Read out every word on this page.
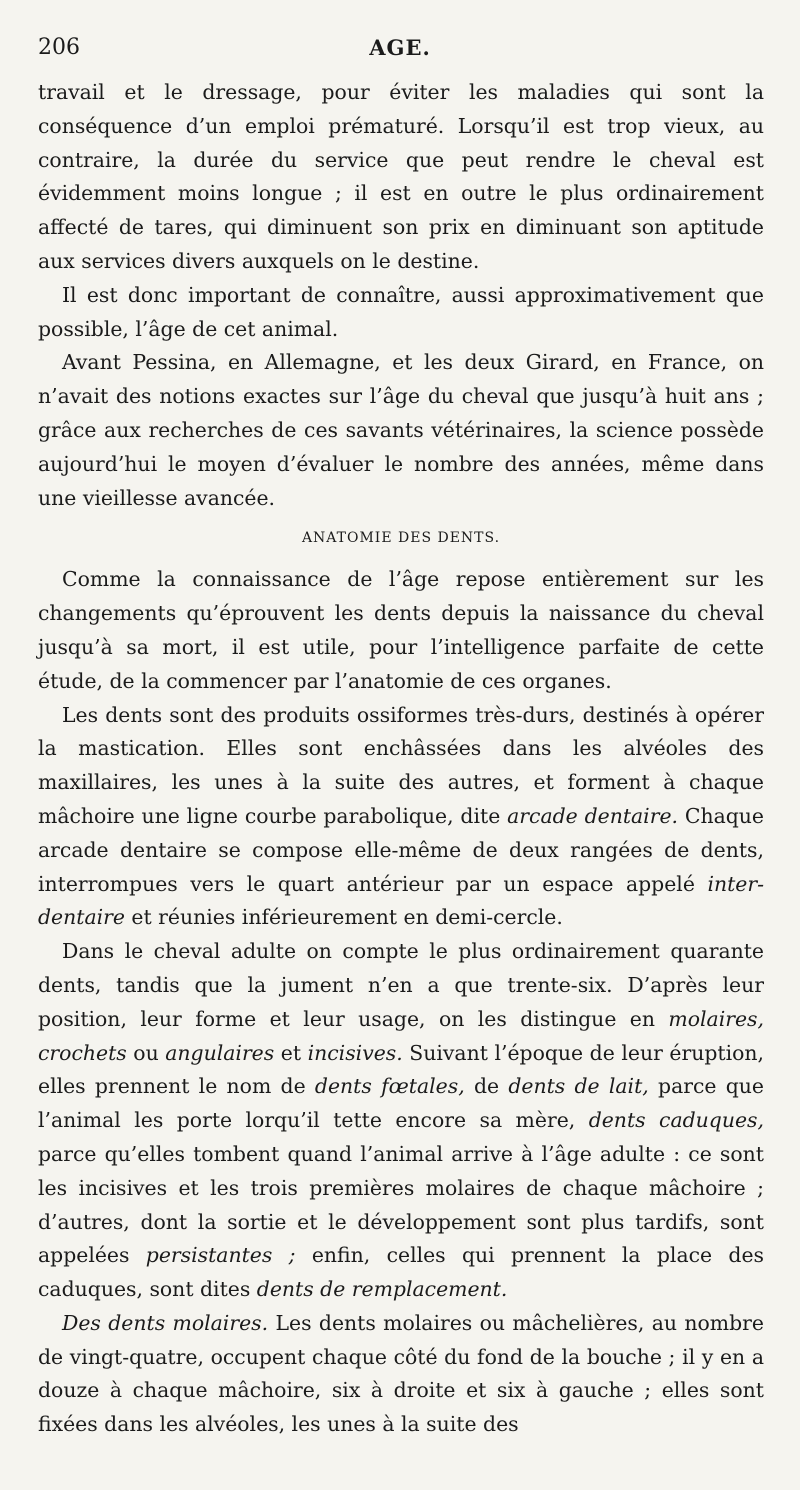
206	AGE.

travail et le dressage, pour éviter les maladies qui sont la conséquence d’un emploi prématuré. Lorsqu’il est trop vieux, au contraire, la durée du service que peut rendre le cheval est évidemment moins longue ; il est en outre le plus ordinairement affecté de tares, qui diminuent son prix en diminuant son aptitude aux services divers auxquels on le destine.

Il est donc important de connaître, aussi approximativement que possible, l’âge de cet animal.

Avant Pessina, en Allemagne, et les deux Girard, en France, on n’avait des notions exactes sur l’âge du cheval que jusqu’à huit ans ; grâce aux recherches de ces savants vétérinaires, la science possède aujourd’hui le moyen d’évaluer le nombre des années, même dans une vieillesse avancée.

ANATOMIE DES DENTS.

Comme la connaissance de l’âge repose entièrement sur les changements qu’éprouvent les dents depuis la naissance du cheval jusqu’à sa mort, il est utile, pour l’intelligence parfaite de cette étude, de la commencer par l’anatomie de ces organes.

Les dents sont des produits ossiformes très-durs, destinés à opérer la mastication. Elles sont enchâssées dans les alvéoles des maxillaires, les unes à la suite des autres, et forment à chaque mâchoire une ligne courbe parabolique, dite arcade dentaire. Chaque arcade dentaire se compose elle-même de deux rangées de dents, interrompues vers le quart antérieur par un espace appelé inter-dentaire et réunies inférieurement en demi-cercle.

Dans le cheval adulte on compte le plus ordinairement quarante dents, tandis que la jument n’en a que trente-six. D’après leur position, leur forme et leur usage, on les distingue en molaires, crochets ou angulaires et incisives. Suivant l’époque de leur éruption, elles prennent le nom de dents fœtales, de dents de lait, parce que l’animal les porte lorqu’il tette encore sa mère, dents caduques, parce qu’elles tombent quand l’animal arrive à l’âge adulte : ce sont les incisives et les trois premières molaires de chaque mâchoire ; d’autres, dont la sortie et le développement sont plus tardifs, sont appelées persistantes ; enfin, celles qui prennent la place des caduques, sont dites dents de remplacement.

Des dents molaires. Les dents molaires ou mâchelières, au nombre de vingt-quatre, occupent chaque côté du fond de la bouche ; il y en a douze à chaque mâchoire, six à droite et six à gauche ; elles sont fixées dans les alvéoles, les unes à la suite des
